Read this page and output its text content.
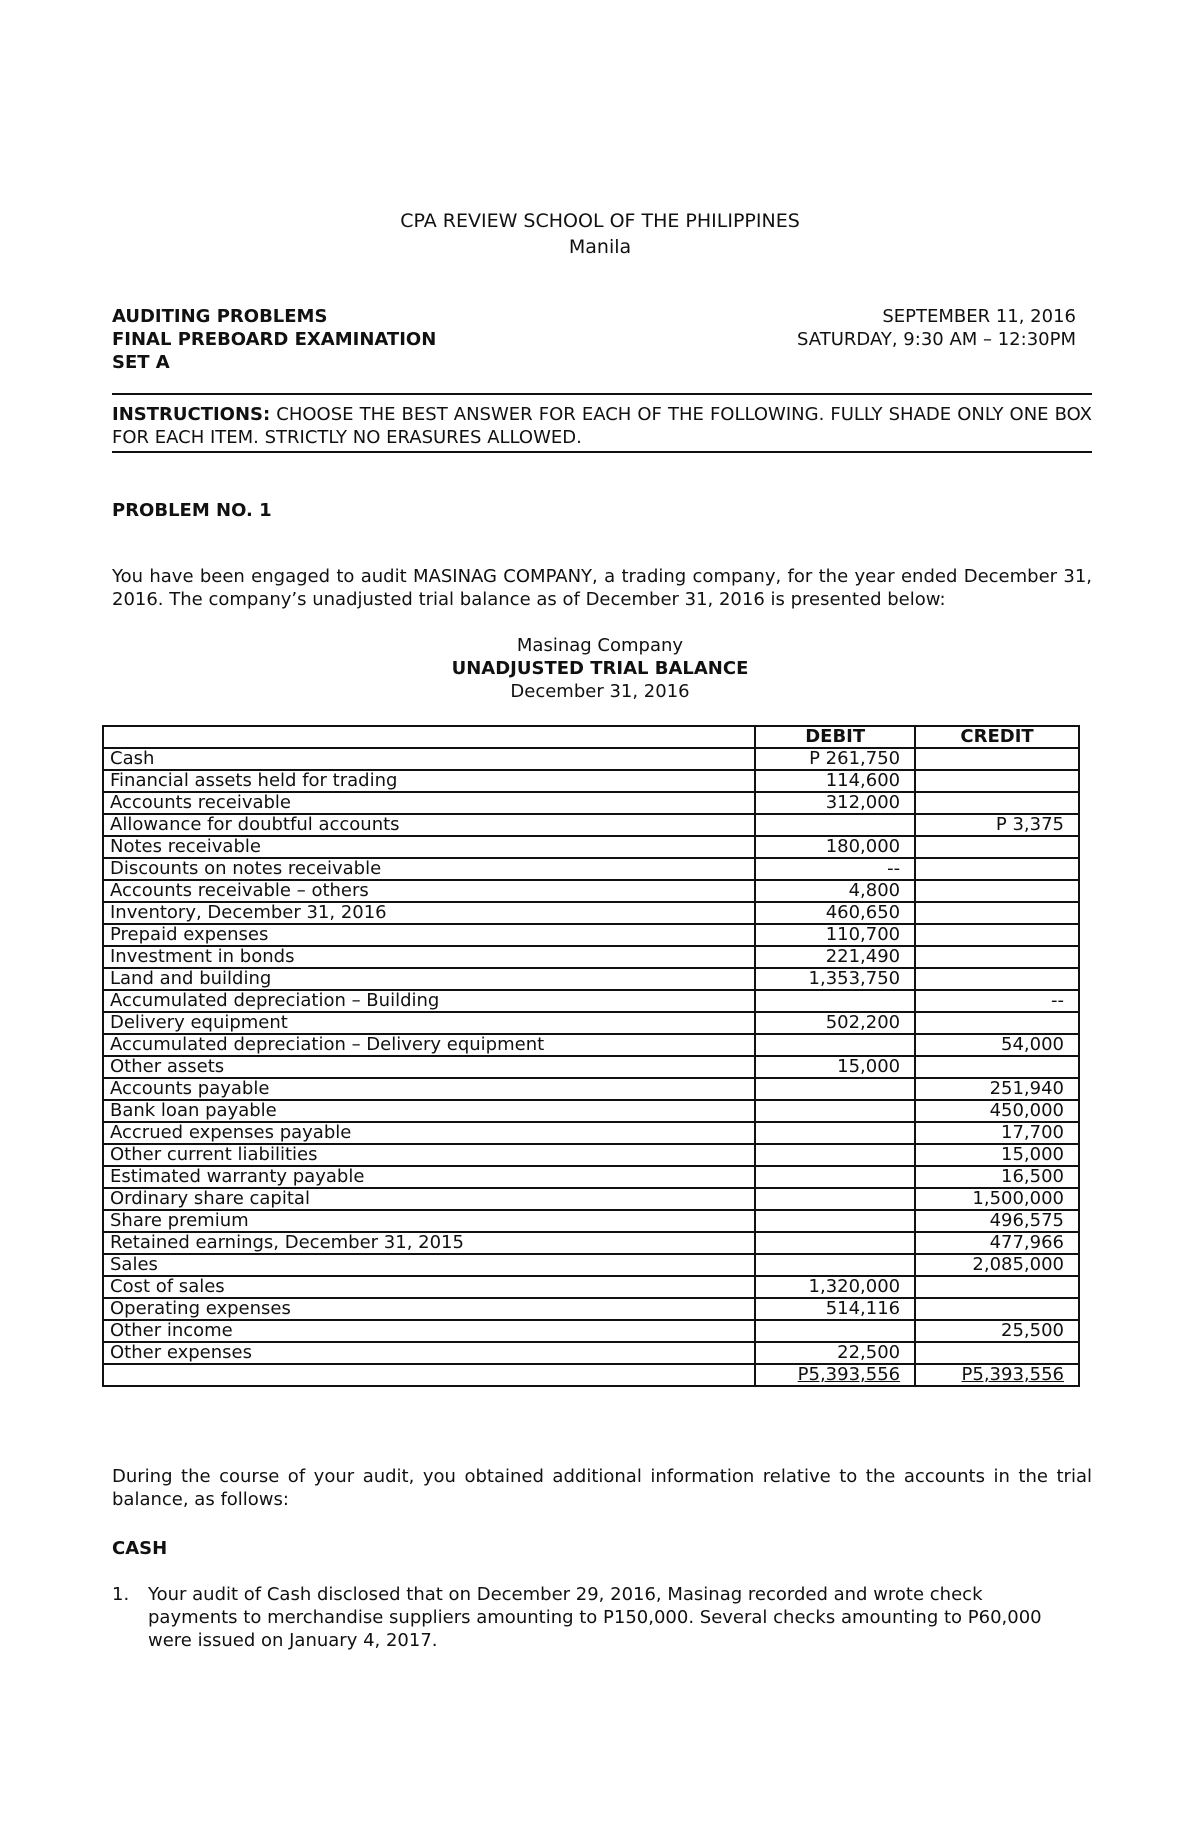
CPA REVIEW SCHOOL OF THE PHILIPPINES
Manila
AUDITING PROBLEMS
FINAL PREBOARD EXAMINATION
SET A
SEPTEMBER 11, 2016
SATURDAY, 9:30 AM – 12:30PM
INSTRUCTIONS: CHOOSE THE BEST ANSWER FOR EACH OF THE FOLLOWING. FULLY SHADE ONLY ONE BOX FOR EACH ITEM. STRICTLY NO ERASURES ALLOWED.
PROBLEM NO. 1
You have been engaged to audit MASINAG COMPANY, a trading company, for the year ended December 31, 2016. The company’s unadjusted trial balance as of December 31, 2016 is presented below:
Masinag Company
UNADJUSTED TRIAL BALANCE
December 31, 2016
	DEBIT	CREDIT
Cash	P 261,750	
Financial assets held for trading	114,600	
Accounts receivable	312,000	
Allowance for doubtful accounts		P 3,375
Notes receivable	180,000	
Discounts on notes receivable	--	
Accounts receivable – others	4,800	
Inventory, December 31, 2016	460,650	
Prepaid expenses	110,700	
Investment in bonds	221,490	
Land and building	1,353,750	
Accumulated depreciation – Building		--
Delivery equipment	502,200	
Accumulated depreciation – Delivery equipment		54,000
Other assets	15,000	
Accounts payable		251,940
Bank loan payable		450,000
Accrued expenses payable		17,700
Other current liabilities		15,000
Estimated warranty payable		16,500
Ordinary share capital		1,500,000
Share premium		496,575
Retained earnings, December 31, 2015		477,966
Sales		2,085,000
Cost of sales	1,320,000	
Operating expenses	514,116	
Other income		25,500
Other expenses	22,500	
	P5,393,556	P5,393,556
During the course of your audit, you obtained additional information relative to the accounts in the trial balance, as follows:
CASH
1. Your audit of Cash disclosed that on December 29, 2016, Masinag recorded and wrote check payments to merchandise suppliers amounting to P150,000. Several checks amounting to P60,000 were issued on January 4, 2017.
